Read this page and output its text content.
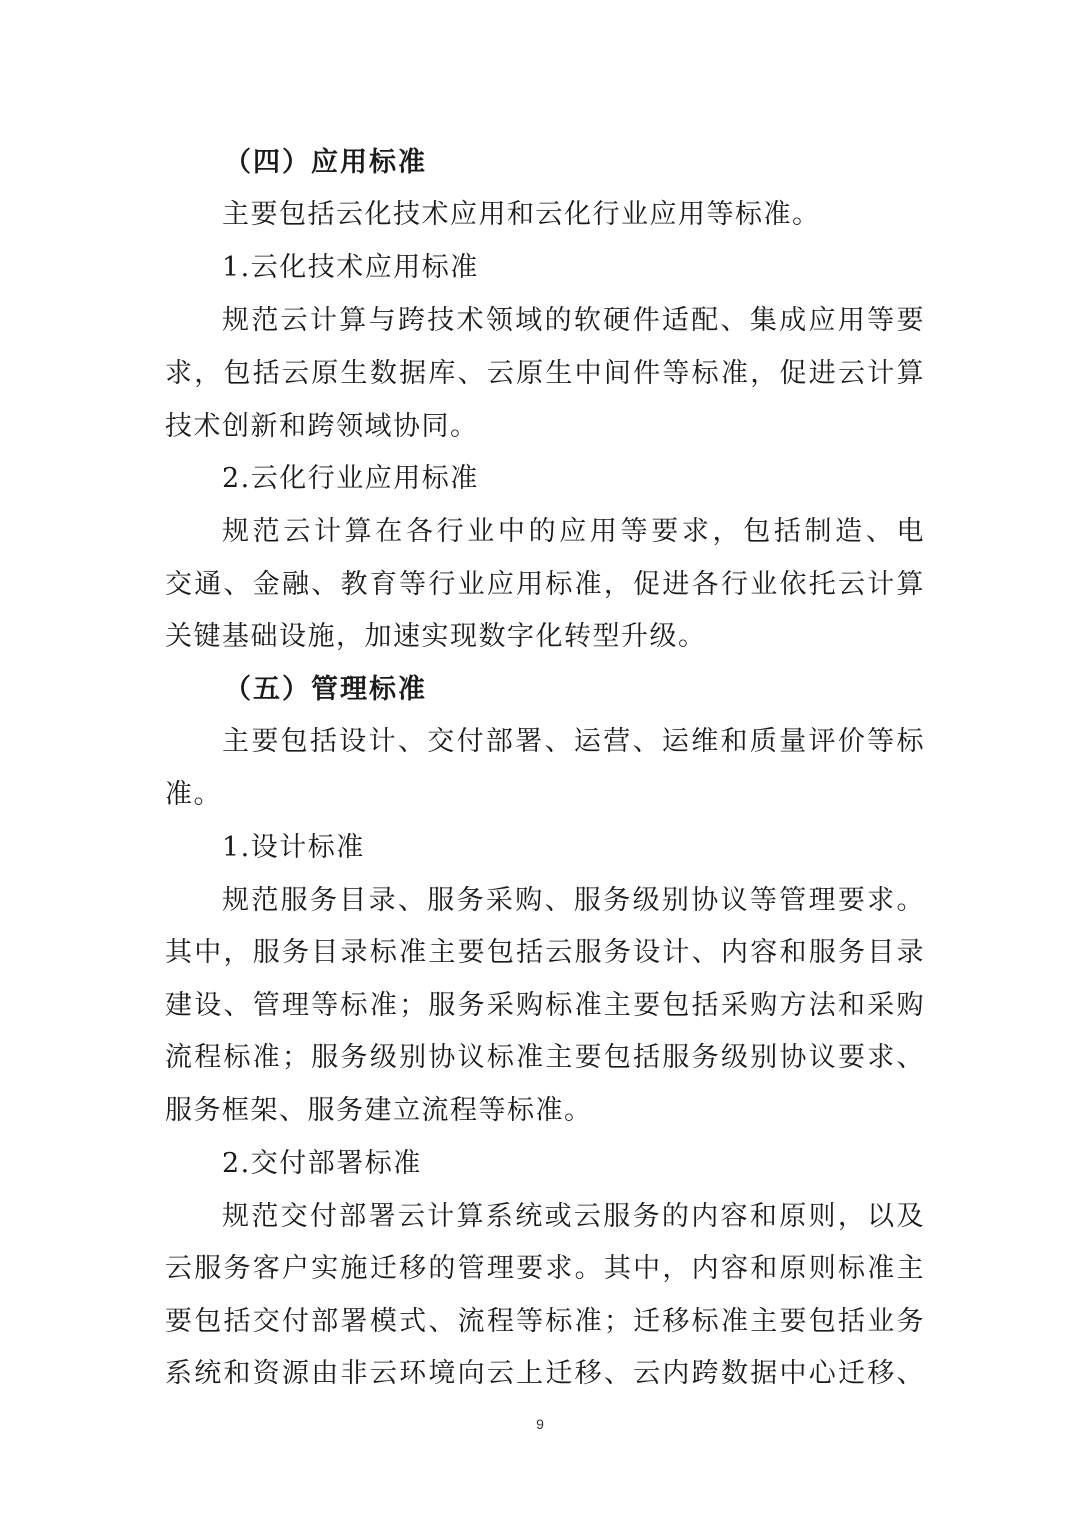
（四）应用标准
主要包括云化技术应用和云化行业应用等标准。
1.云化技术应用标准
规范云计算与跨技术领域的软硬件适配、集成应用等要
求，包括云原生数据库、云原生中间件等标准，促进云计算
技术创新和跨领域协同。
2.云化行业应用标准
规范云计算在各行业中的应用等要求，包括制造、电
交通、金融、教育等行业应用标准，促进各行业依托云计算
关键基础设施，加速实现数字化转型升级。
（五）管理标准
主要包括设计、交付部署、运营、运维和质量评价等标
准。
1.设计标准
规范服务目录、服务采购、服务级别协议等管理要求。
其中，服务目录标准主要包括云服务设计、内容和服务目录
建设、管理等标准；服务采购标准主要包括采购方法和采购
流程标准；服务级别协议标准主要包括服务级别协议要求、
服务框架、服务建立流程等标准。
2.交付部署标准
规范交付部署云计算系统或云服务的内容和原则，以及
云服务客户实施迁移的管理要求。其中，内容和原则标准主
要包括交付部署模式、流程等标准；迁移标准主要包括业务
系统和资源由非云环境向云上迁移、云内跨数据中心迁移、
9
